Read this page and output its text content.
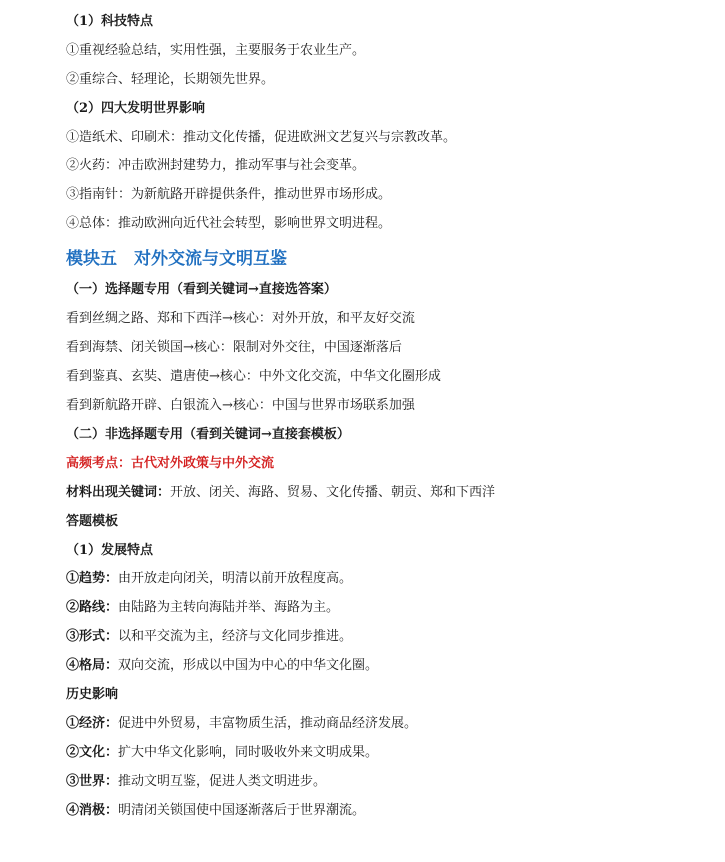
（1）科技特点
①重视经验总结，实用性强，主要服务于农业生产。
②重综合、轻理论，长期领先世界。
（2）四大发明世界影响
①造纸术、印刷术：推动文化传播，促进欧洲文艺复兴与宗教改革。
②火药：冲击欧洲封建势力，推动军事与社会变革。
③指南针：为新航路开辟提供条件，推动世界市场形成。
④总体：推动欧洲向近代社会转型，影响世界文明进程。
模块五　对外交流与文明互鉴
（一）选择题专用（看到关键词→直接选答案）
看到丝绸之路、郑和下西洋→核心：对外开放，和平友好交流
看到海禁、闭关锁国→核心：限制对外交往，中国逐渐落后
看到鉴真、玄奘、遣唐使→核心：中外文化交流，中华文化圈形成
看到新航路开辟、白银流入→核心：中国与世界市场联系加强
（二）非选择题专用（看到关键词→直接套模板）
高频考点：古代对外政策与中外交流
材料出现关键词：开放、闭关、海路、贸易、文化传播、朝贡、郑和下西洋
答题模板
（1）发展特点
①趋势：由开放走向闭关，明清以前开放程度高。
②路线：由陆路为主转向海陆并举、海路为主。
③形式：以和平交流为主，经济与文化同步推进。
④格局：双向交流，形成以中国为中心的中华文化圈。
历史影响
①经济：促进中外贸易，丰富物质生活，推动商品经济发展。
②文化：扩大中华文化影响，同时吸收外来文明成果。
③世界：推动文明互鉴，促进人类文明进步。
④消极：明清闭关锁国使中国逐渐落后于世界潮流。
